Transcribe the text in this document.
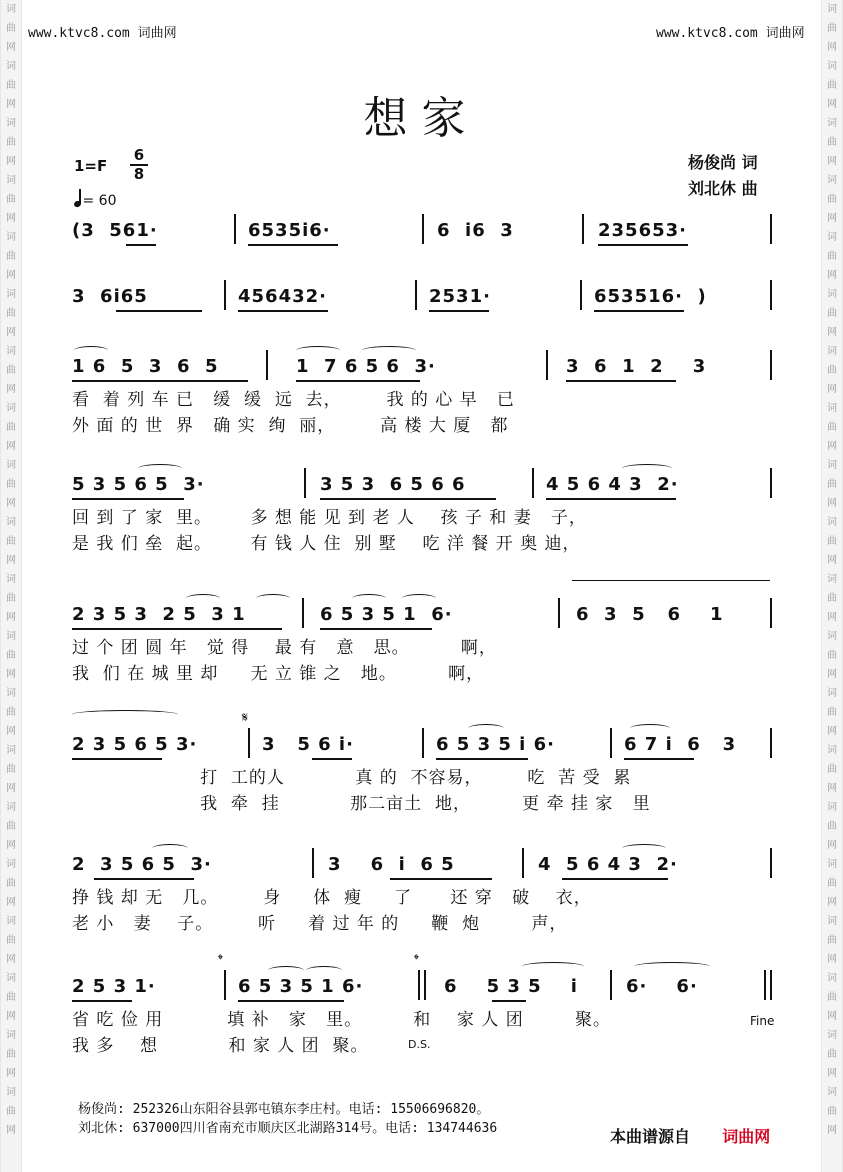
词
曲
网
词
曲
网
词
曲
网
词
曲
网
词
曲
网
词
曲
网
词
曲
网
词
曲
网
词
曲
网
词
曲
网
词
曲
网
词
曲
网
词
曲
网
词
曲
网
词
曲
网
词
曲
网
词
曲
网
词
曲
网
词
曲
网
词
曲
网
词
曲
网
词
曲
网
词
曲
网
词
曲
网
词
曲
网
词
曲
网
词
曲
网
词
曲
网
词
曲
网
词
曲
网
词
曲
网
词
曲
网
词
曲
网
词
曲
网
词
曲
网
词
曲
网
词
曲
网
词
曲
网
词
曲
网
词
曲
网
www.ktvc8.com 词曲网	www.ktvc8.com 词曲网
想家
1=F
6
8
= 60
杨俊尚 词
刘北休 曲
(3  561·	6535i6·	6  i6  3	235653·
3  6i65	456432·	2531·	653516·  )
1 6  5  3  6  5	1  7 6 5 6  3·	3  6  1  2    3
看  着 列 车 已   缓  缓  远  去，       我 的 心 早   已
外 面 的 世  界   确 实  绚  丽，       高 楼 大 厦   都
5 3 5 6 5  3·	3 5 3  6 5 6 6	4 5 6 4 3  2·
回 到 了 家  里。      多 想 能 见 到 老 人    孩 子 和 妻   子，
是 我 们 垒  起。      有 钱 人 住  别 墅    吃 洋 餐 开 奥 迪，
2 3 5 3  2 5  3 1	6 5 3 5 1  6·	6  3  5   6    1
过 个 团 圆 年   觉 得    最 有   意   思。        啊，
我  们 在 城 里 却     无 立 锥 之   地。        啊，
𝄋
2 3 5 6 5 3·	3   5 6 i·	6 5 3 5 i 6·	6 7 i  6   3
打  工的人           真 的  不容易，       吃  苦 受  累
我  牵  挂           那二亩土  地，        更 牵 挂 家   里
2  3 5 6 5  3·	3    6  i  6 5	4  5 6 4 3  2·
挣 钱 却 无   几。       身     体  瘦     了      还 穿   破    衣，
老 小   妻    子。       听     着 过 年 的     鞭  炮        声，
𝄌	𝄌
2 5 3 1·	6 5 3 5 1 6·	6    5 3 5    i	6·    6·
省 吃 俭 用          填 补   家   里。        和    家 人 团        聚。
我 多    想           和 家 人 团  聚。	D.S.
Fine
杨俊尚: 252326山东阳谷县郭屯镇东李庄村。电话: 15506696820。
刘北休: 637000四川省南充市顺庆区北湖路314号。电话: 134744636	本曲谱源自 词曲网
